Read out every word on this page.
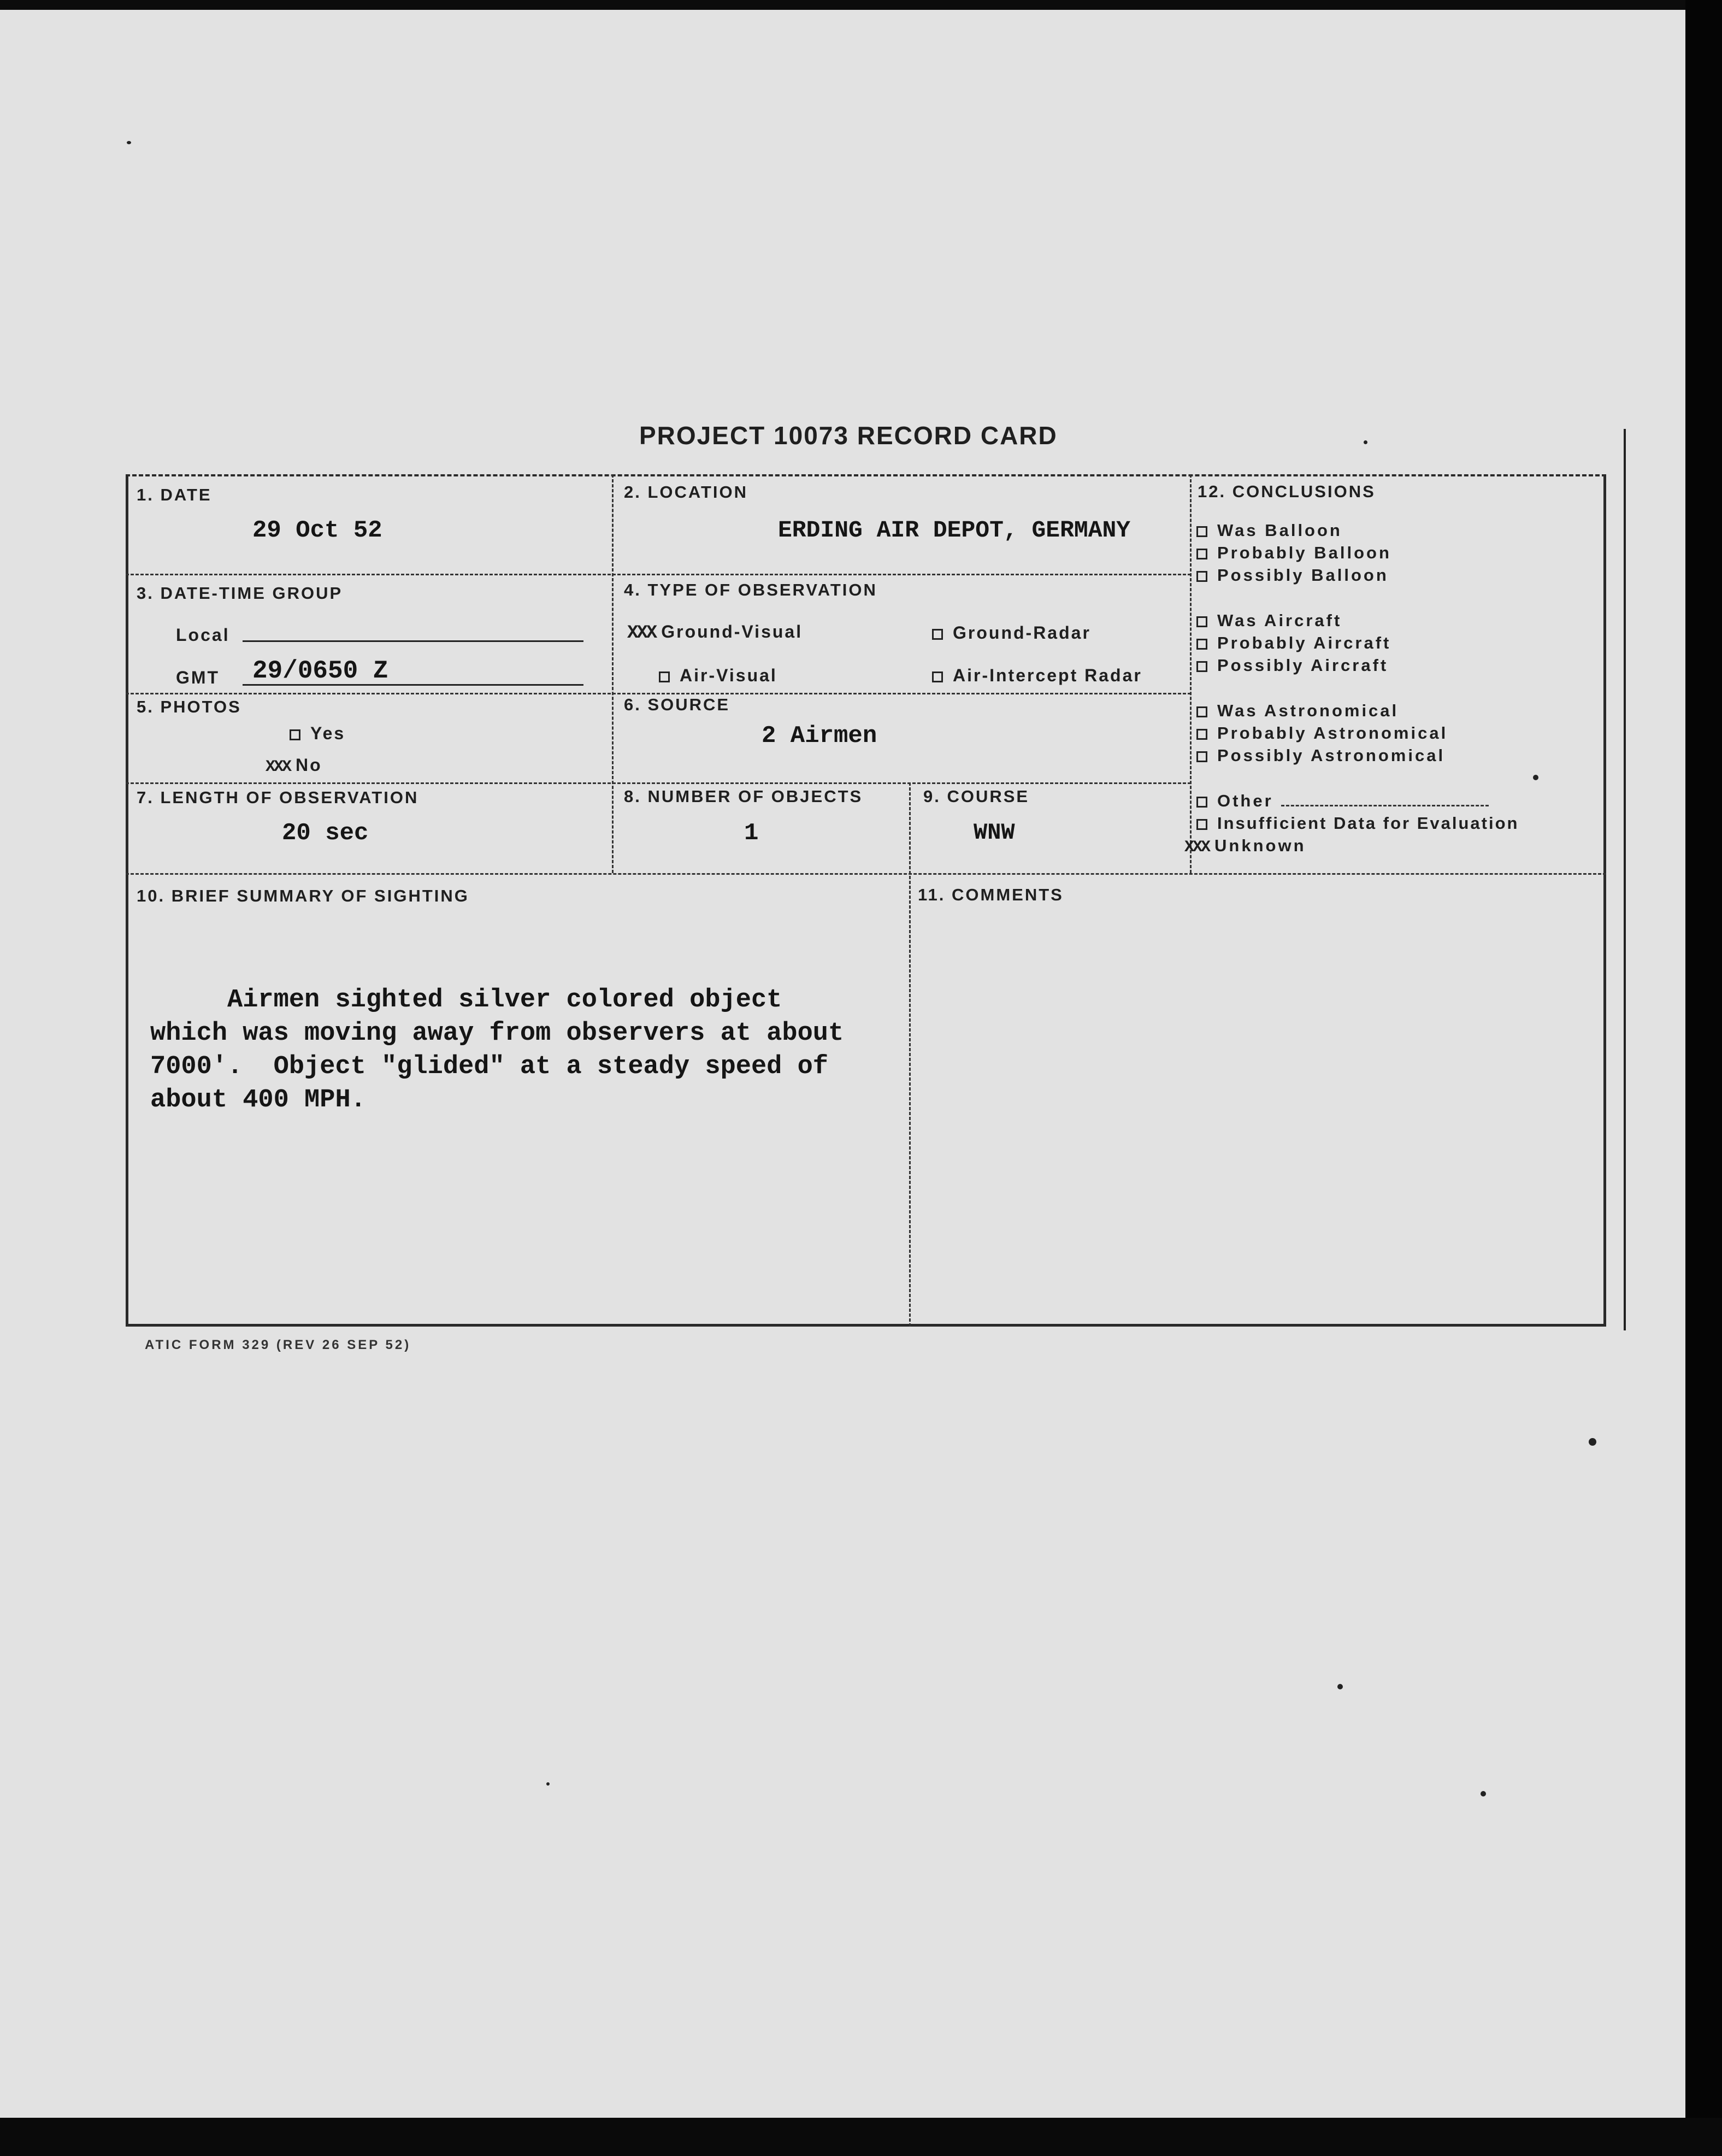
PROJECT 10073 RECORD CARD
1. DATE
29 Oct 52
2. LOCATION
ERDING AIR DEPOT, GERMANY
3. DATE-TIME GROUP
Local
GMT 29/0650 Z
4. TYPE OF OBSERVATION
XXX Ground-Visual	Ground-Radar
Air-Visual	Air-Intercept Radar
5. PHOTOS
Yes
XXX No
6. SOURCE
2 Airmen
7. LENGTH OF OBSERVATION
20 sec
8. NUMBER OF OBJECTS
1
9. COURSE
WNW
12. CONCLUSIONS
Was Balloon
Probably Balloon
Possibly Balloon
Was Aircraft
Probably Aircraft
Possibly Aircraft
Was Astronomical
Probably Astronomical
Possibly Astronomical
Other
Insufficient Data for Evaluation
XXX Unknown
10. BRIEF SUMMARY OF SIGHTING
Airmen sighted silver colored object
which was moving away from observers at about
7000'.  Object "glided" at a steady speed of
about 400 MPH.
11. COMMENTS
ATIC FORM 329 (REV 26 SEP 52)
